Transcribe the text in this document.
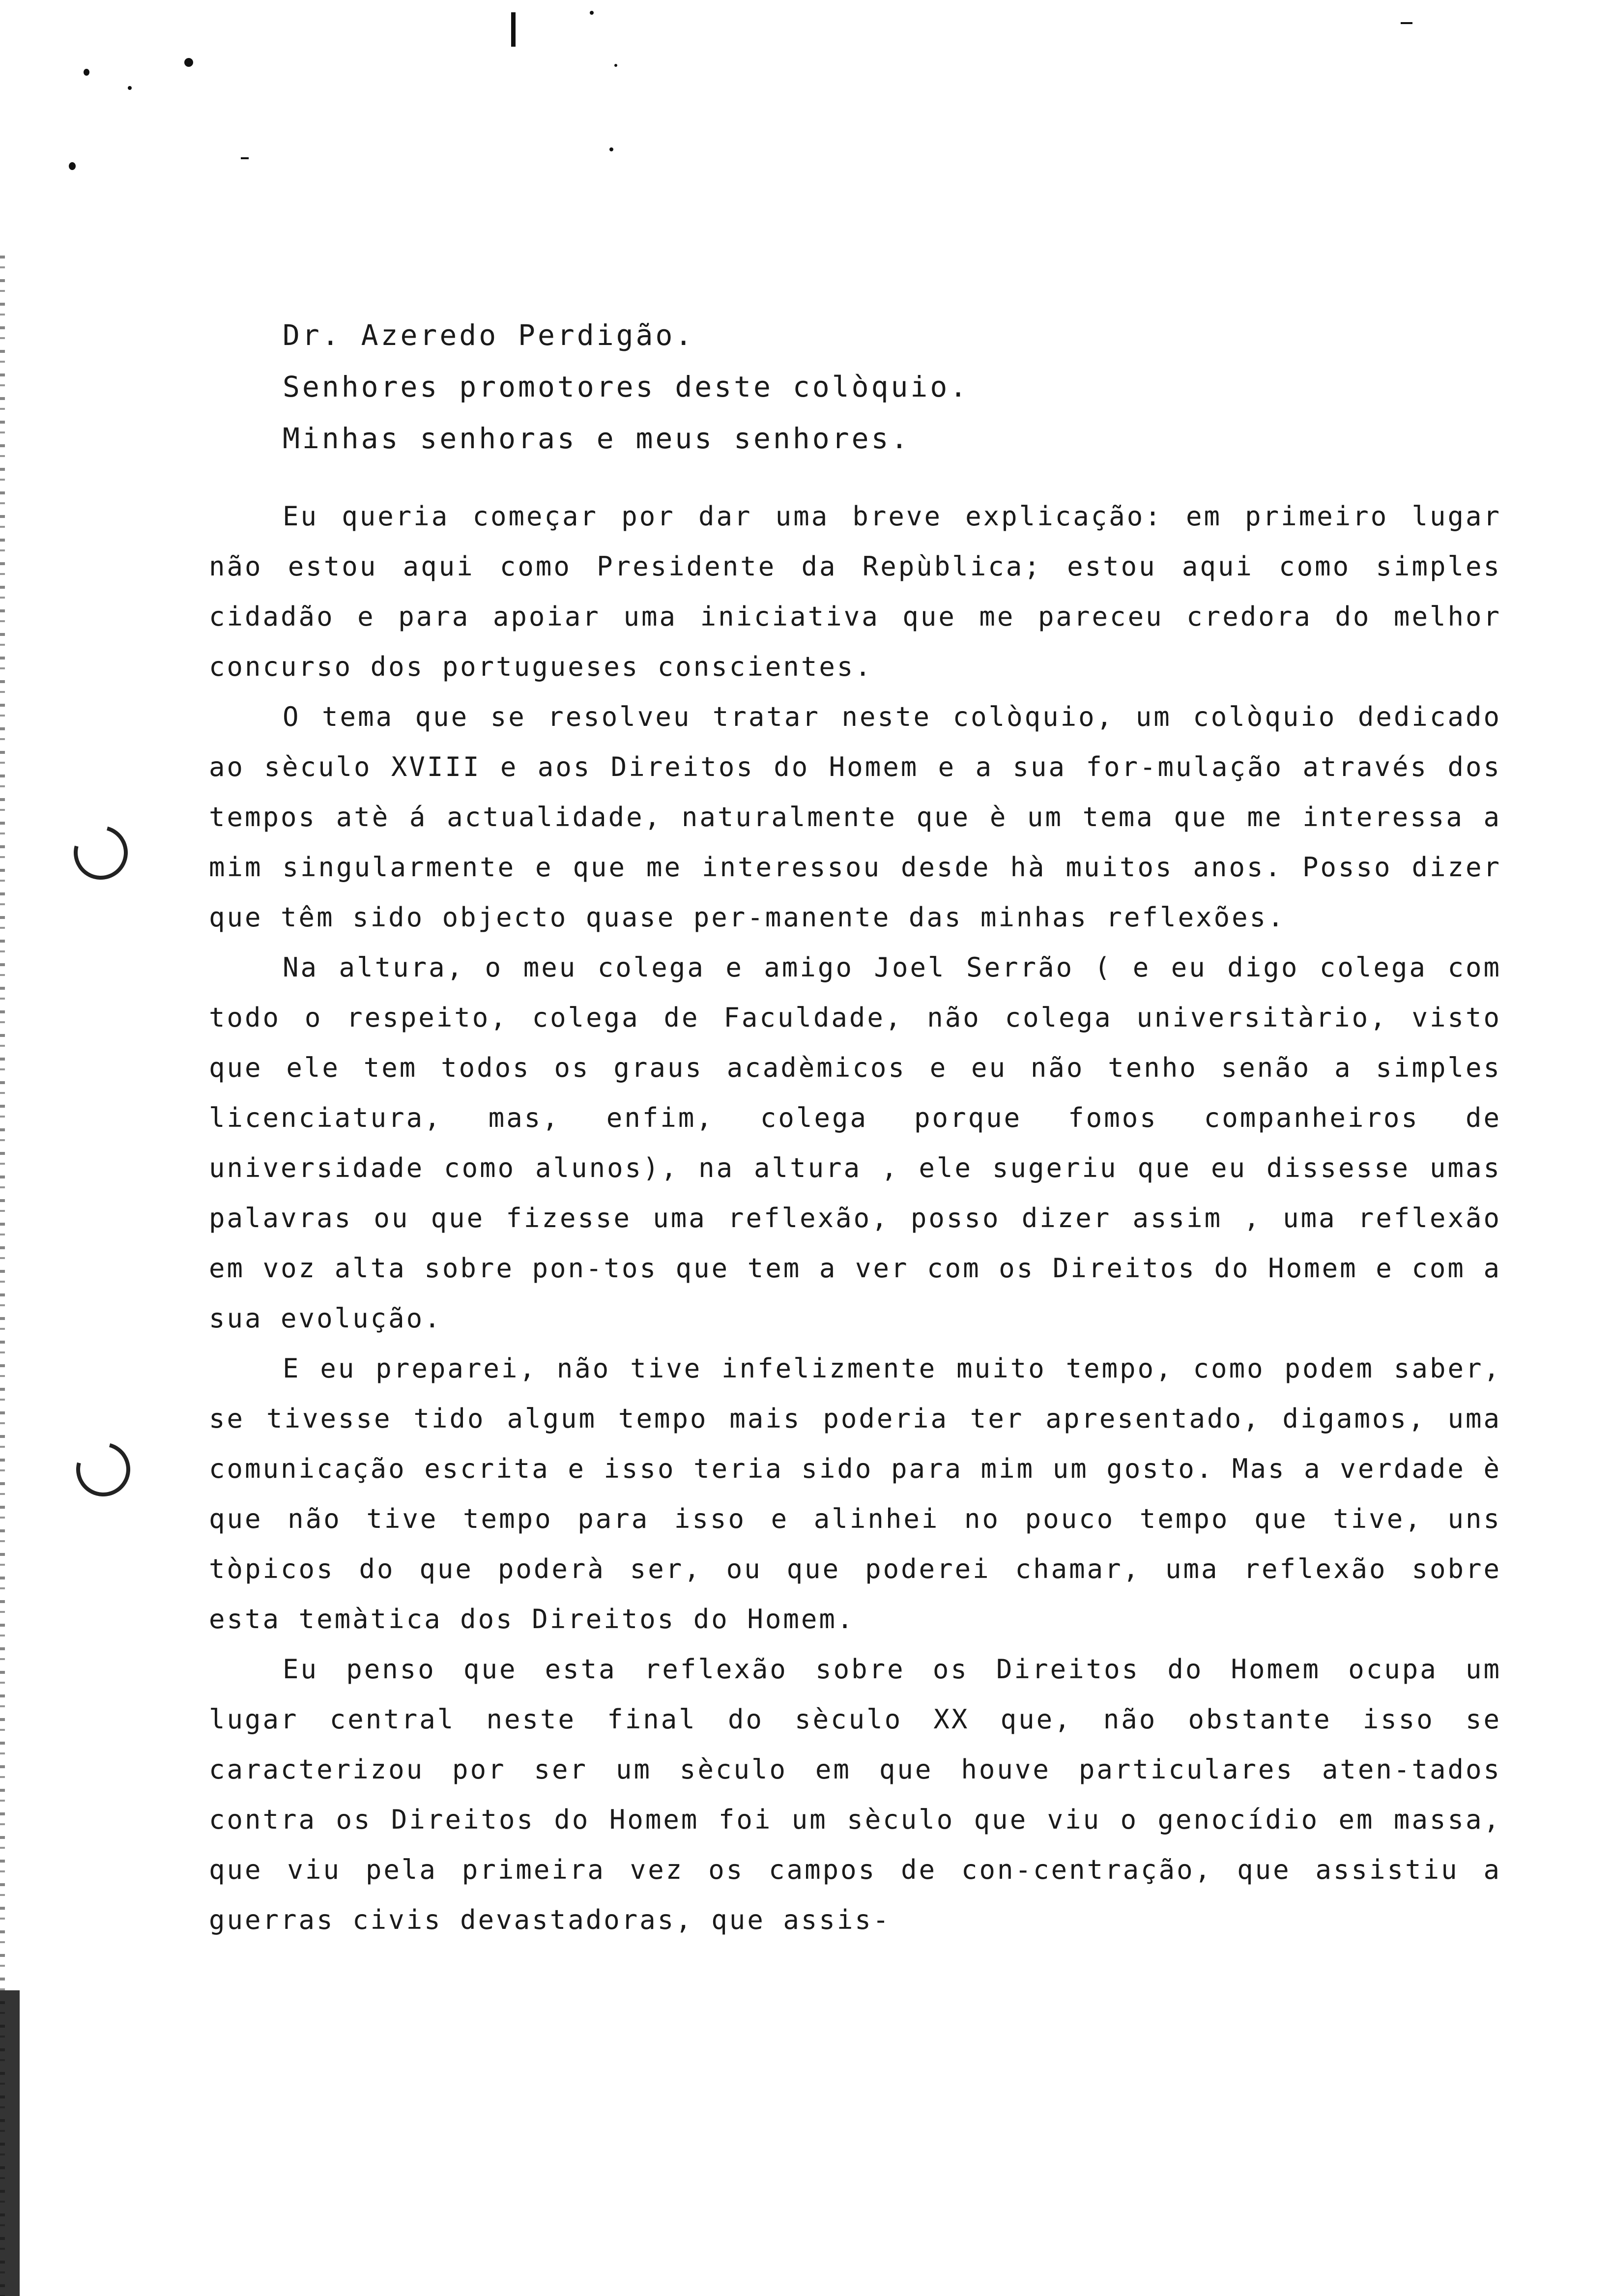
Dr. Azeredo Perdigão.
Senhores promotores deste colòquio.
Minhas senhoras e meus senhores.

Eu queria começar por dar uma breve explicação: em primeiro lugar não estou aqui como Presidente da Repùblica; estou aqui como simples cidadão e para apoiar uma iniciativa que me pareceu credora do melhor concurso dos portugueses conscientes.

O tema que se resolveu tratar neste colòquio, um colòquio dedicado ao sèculo XVIII e aos Direitos do Homem e a sua for-mulação através dos tempos atè á actualidade, naturalmente que è um tema que me interessa a mim singularmente e que me interessou desde hà muitos anos. Posso dizer que têm sido objecto quase per-manente das minhas reflexões.

Na altura, o meu colega e amigo Joel Serrão ( e eu digo colega com todo o respeito, colega de Faculdade, não colega universitàrio, visto que ele tem todos os graus acadèmicos e eu não tenho senão a simples licenciatura, mas, enfim, colega porque fomos companheiros de universidade como alunos), na altura , ele sugeriu que eu dissesse umas palavras ou que fizesse uma reflexão, posso dizer assim , uma reflexão em voz alta sobre pon-tos que tem a ver com os Direitos do Homem e com a sua evolução.

E eu preparei, não tive infelizmente muito tempo, como podem saber, se tivesse tido algum tempo mais poderia ter apresentado, digamos, uma comunicação escrita e isso teria sido para mim um gosto. Mas a verdade è que não tive tempo para isso e alinhei no pouco tempo que tive, uns tòpicos do que poderà ser, ou que poderei chamar, uma reflexão sobre esta temàtica dos Direitos do Homem.

Eu penso que esta reflexão sobre os Direitos do Homem ocupa um lugar central neste final do sèculo XX que, não obstante isso se caracterizou por ser um sèculo em que houve particulares aten-tados contra os Direitos do Homem foi um sèculo que viu o genocídio em massa, que viu pela primeira vez os campos de con-centração, que assistiu a guerras civis devastadoras, que assis-
